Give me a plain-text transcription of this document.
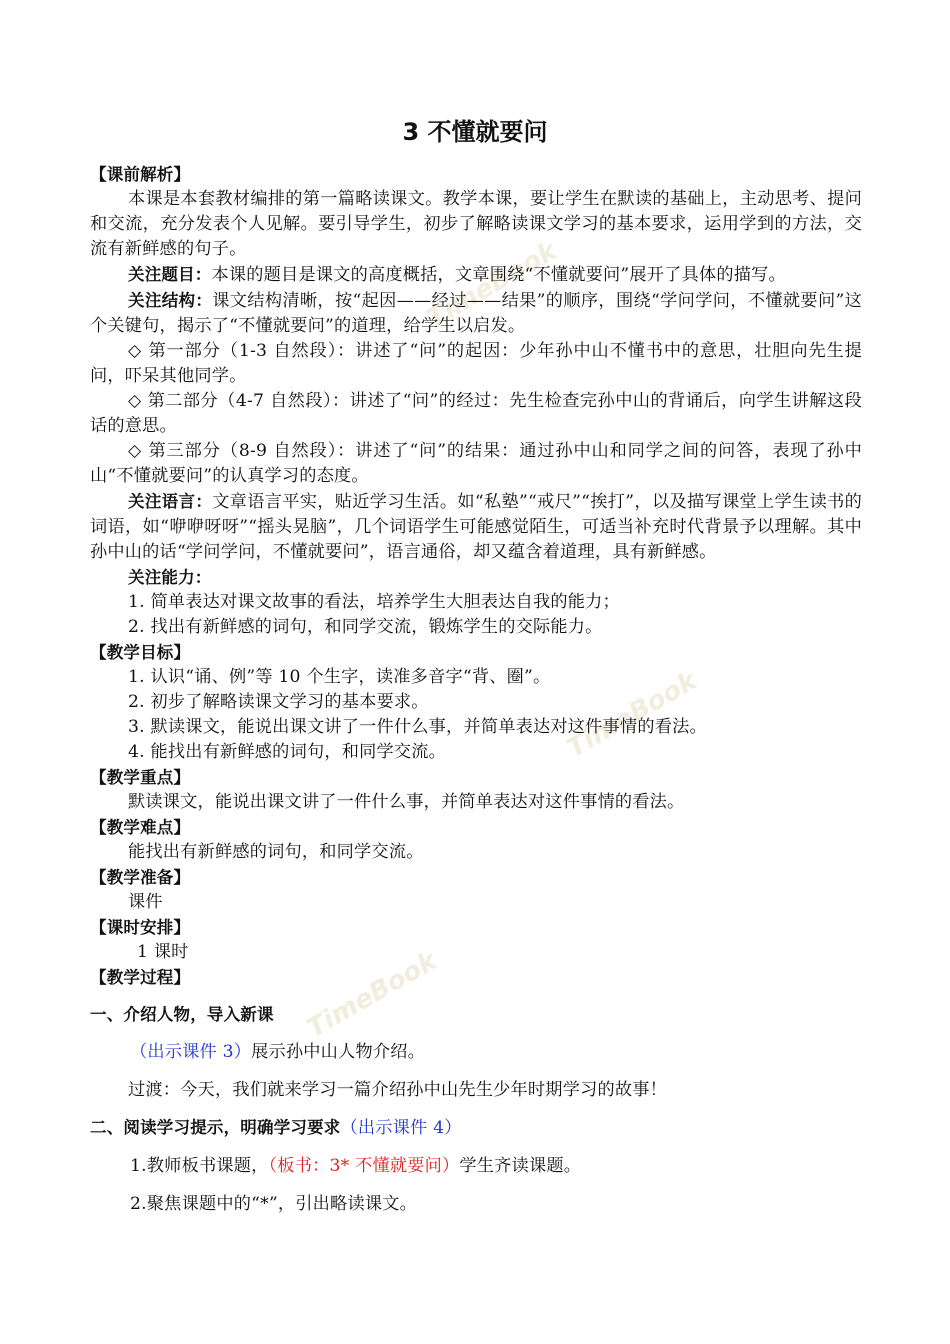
TimeBook
TimeBook
TimeBook
3 不懂就要问

【课前解析】

本课是本套教材编排的第一篇略读课文。教学本课，要让学生在默读的基础上，主动思考、提问和交流，充分发表个人见解。要引导学生，初步了解略读课文学习的基本要求，运用学到的方法，交流有新鲜感的句子。

关注题目：本课的题目是课文的高度概括，文章围绕“不懂就要问”展开了具体的描写。

关注结构：课文结构清晰，按“起因——经过——结果”的顺序，围绕“学问学问，不懂就要问”这个关键句，揭示了“不懂就要问”的道理，给学生以启发。

◇ 第一部分（1-3 自然段）：讲述了“问”的起因：少年孙中山不懂书中的意思，壮胆向先生提问，吓呆其他同学。

◇ 第二部分（4-7 自然段）：讲述了“问”的经过：先生检查完孙中山的背诵后，向学生讲解这段话的意思。

◇ 第三部分（8-9 自然段）：讲述了“问”的结果：通过孙中山和同学之间的问答，表现了孙中山“不懂就要问”的认真学习的态度。

关注语言：文章语言平实，贴近学习生活。如“私塾”“戒尺”“挨打”，以及描写课堂上学生读书的词语，如“咿咿呀呀”“摇头晃脑”，几个词语学生可能感觉陌生，可适当补充时代背景予以理解。其中孙中山的话“学问学问，不懂就要问”，语言通俗，却又蕴含着道理，具有新鲜感。

关注能力：

1. 简单表达对课文故事的看法，培养学生大胆表达自我的能力；

2. 找出有新鲜感的词句，和同学交流，锻炼学生的交际能力。

【教学目标】

1. 认识“诵、例”等 10 个生字，读准多音字“背、圈”。

2. 初步了解略读课文学习的基本要求。

3. 默读课文，能说出课文讲了一件什么事，并简单表达对这件事情的看法。

4. 能找出有新鲜感的词句，和同学交流。

【教学重点】

默读课文，能说出课文讲了一件什么事，并简单表达对这件事情的看法。

【教学难点】

能找出有新鲜感的词句，和同学交流。

【教学准备】

课件

【课时安排】

1 课时

【教学过程】

一、介绍人物，导入新课

（出示课件 3）展示孙中山人物介绍。

过渡：今天，我们就来学习一篇介绍孙中山先生少年时期学习的故事！

二、阅读学习提示，明确学习要求（出示课件 4）

1.教师板书课题，（板书：3* 不懂就要问）学生齐读课题。

2.聚焦课题中的“*”，引出略读课文。
